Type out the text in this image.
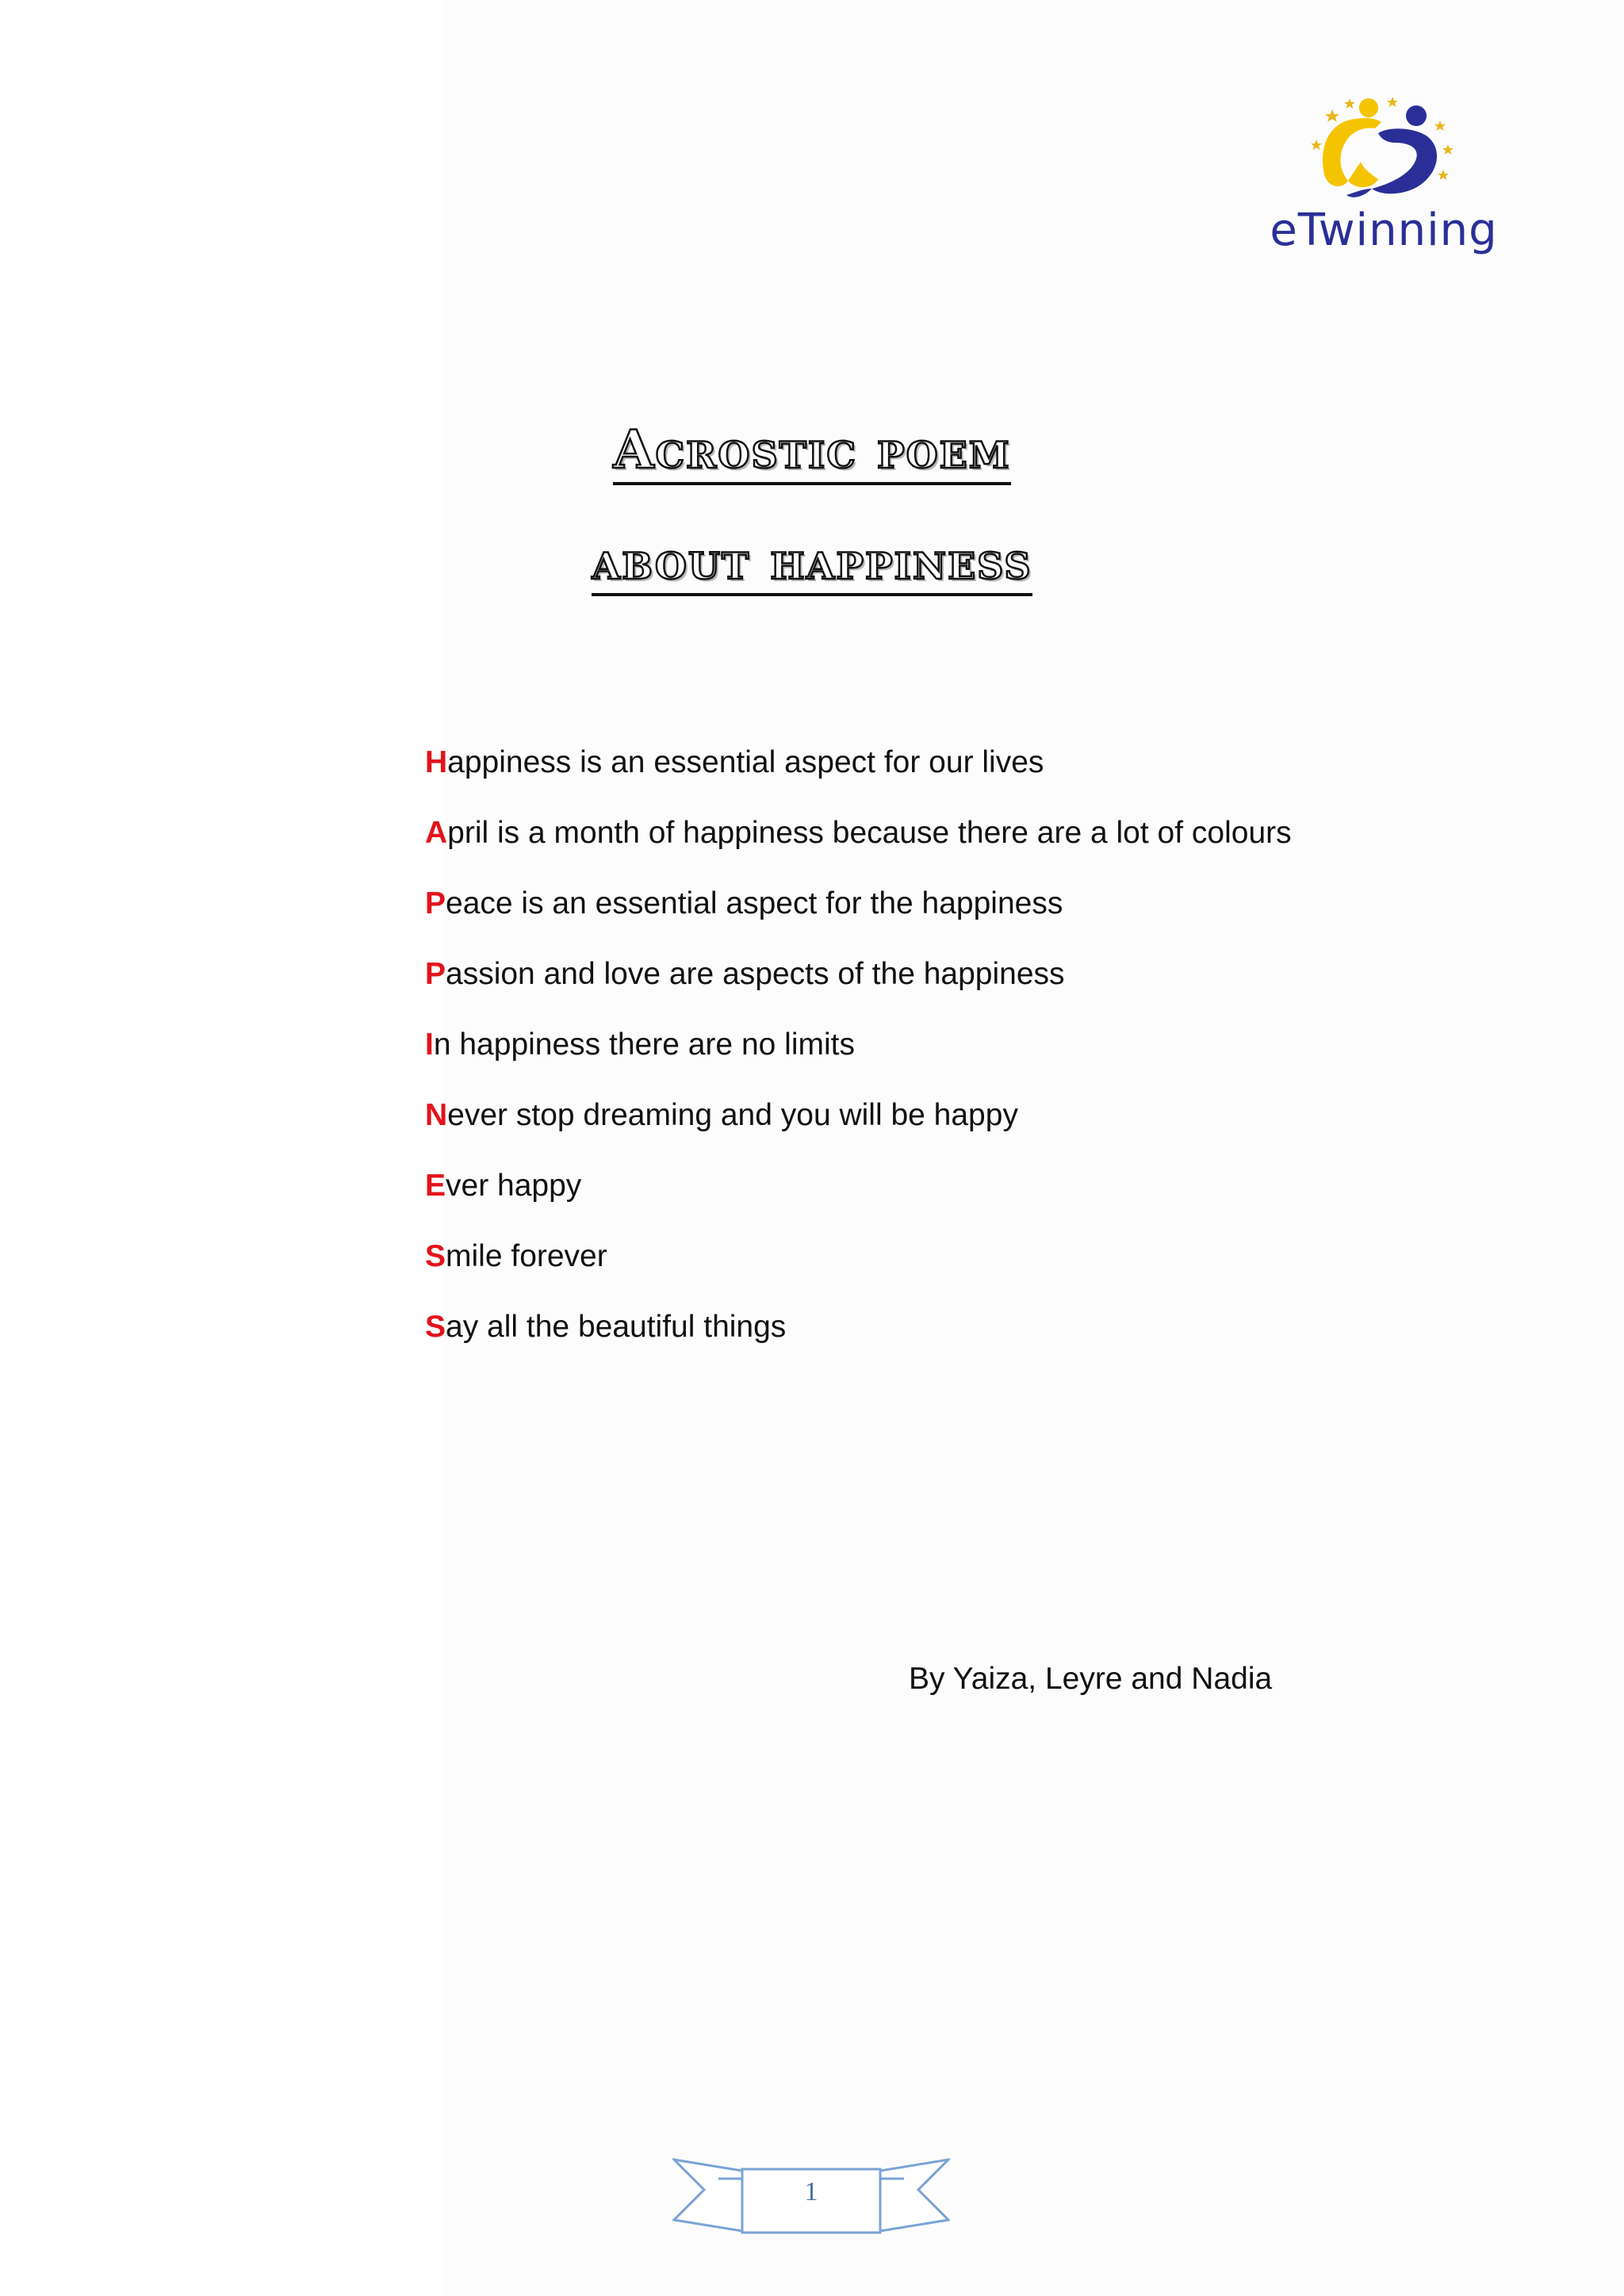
eTwinning
Acrostic poem
about happiness
Happiness is an essential aspect for our lives
April is a month of happiness because there are a lot of colours
Peace is an essential aspect for the happiness
Passion and love are aspects of the happiness
In happiness there are no limits
Never stop dreaming and you will be happy
Ever happy
Smile forever
Say all the beautiful things
By Yaiza, Leyre and Nadia
1
